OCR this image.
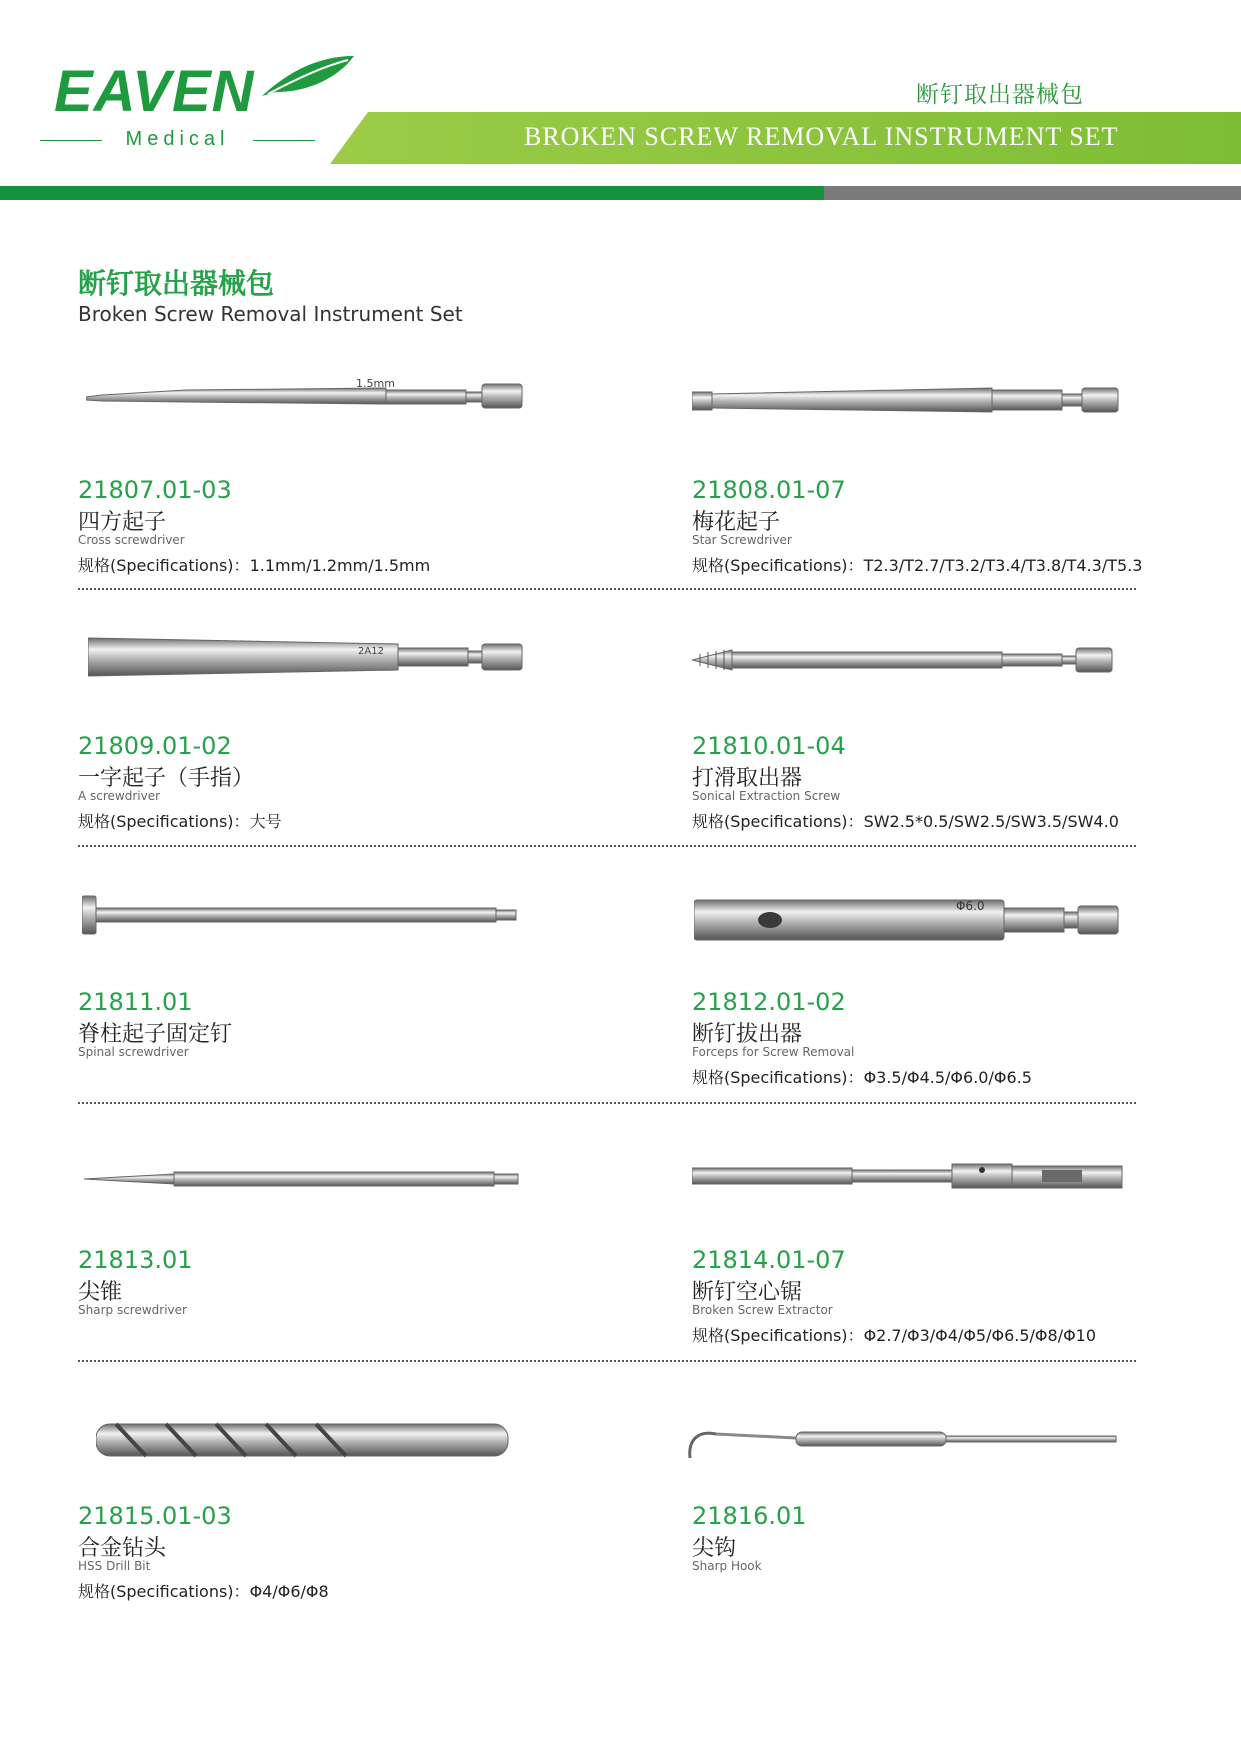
EAVEN
Medical
断钉取出器械包
BROKEN SCREW REMOVAL INSTRUMENT SET
断钉取出器械包
Broken Screw Removal Instrument Set
1.5mm
2A12
Φ6.0
21807.01-03
四方起子
Cross screwdriver
规格(Specifications)：1.1mm/1.2mm/1.5mm
21808.01-07
梅花起子
Star Screwdriver
规格(Specifications)：T2.3/T2.7/T3.2/T3.4/T3.8/T4.3/T5.3
21809.01-02
一字起子（手指）
A screwdriver
规格(Specifications)：大号
21810.01-04
打滑取出器
Sonical Extraction Screw
规格(Specifications)：SW2.5*0.5/SW2.5/SW3.5/SW4.0
21811.01
脊柱起子固定钉
Spinal screwdriver
21812.01-02
断钉拔出器
Forceps for Screw Removal
规格(Specifications)：Φ3.5/Φ4.5/Φ6.0/Φ6.5
21813.01
尖锥
Sharp screwdriver
21814.01-07
断钉空心锯
Broken Screw Extractor
规格(Specifications)：Φ2.7/Φ3/Φ4/Φ5/Φ6.5/Φ8/Φ10
21815.01-03
合金钻头
HSS Drill Bit
规格(Specifications)：Φ4/Φ6/Φ8
21816.01
尖钩
Sharp Hook
